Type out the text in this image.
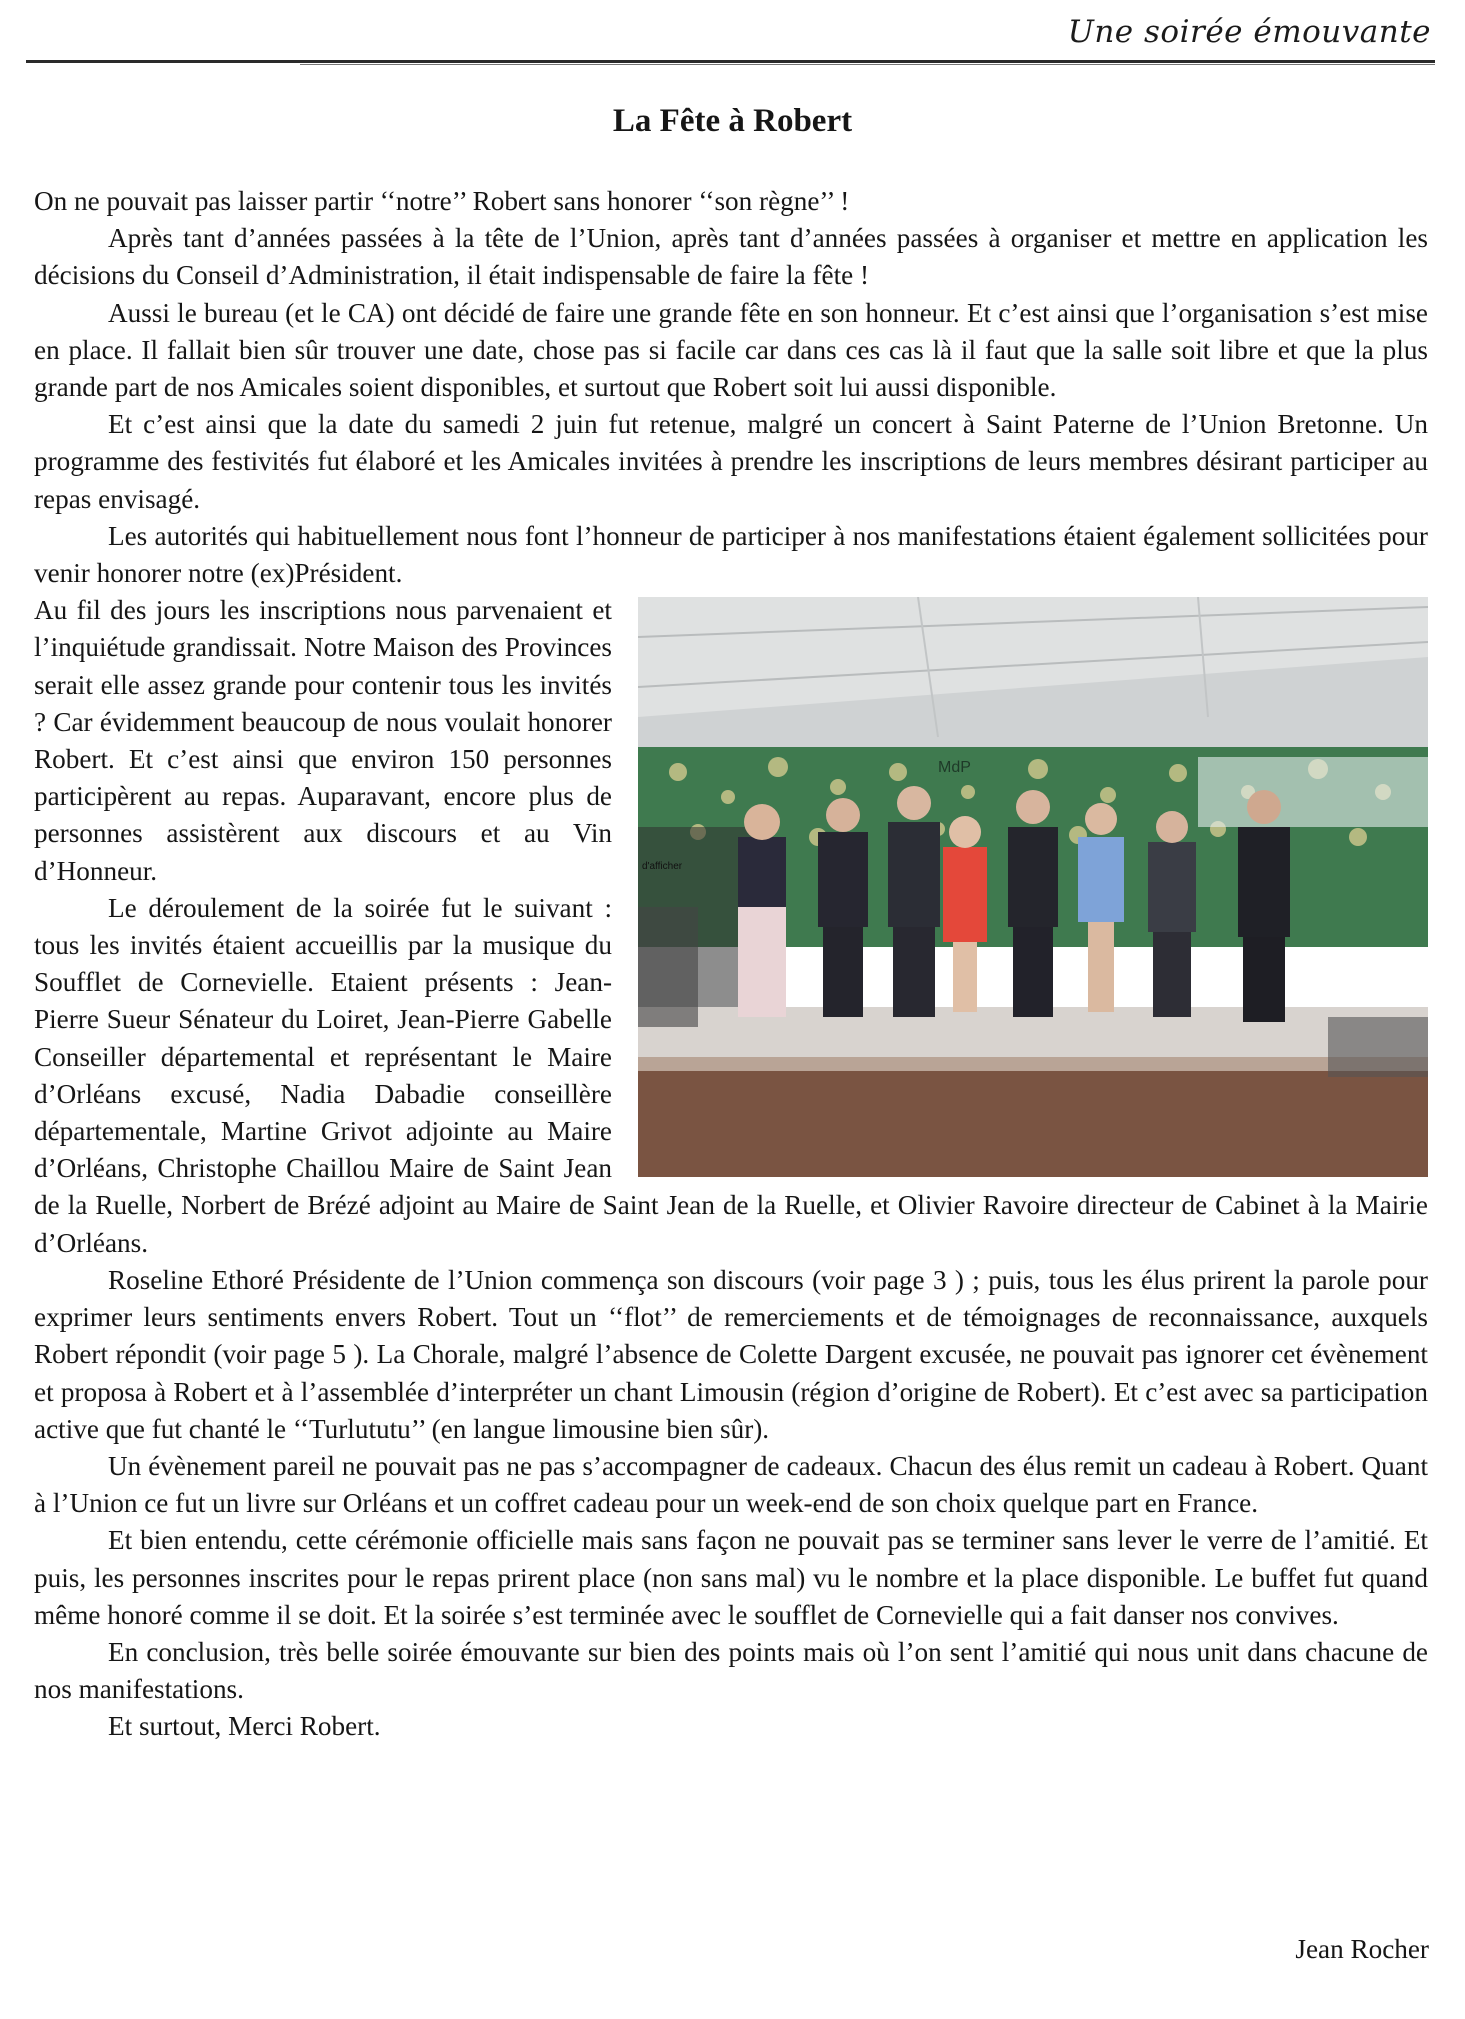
Une soirée émouvante
La Fête à Robert

On ne pouvait pas laisser partir ‘‘notre’’ Robert sans honorer ‘‘son règne’’ !

Après tant d’années passées à la tête de l’Union, après tant d’années passées à organiser et mettre en application les décisions du Conseil d’Administration, il était indispensable de faire la fête !

Aussi le bureau (et le CA) ont décidé de faire une grande fête en son honneur. Et c’est ainsi que l’organisation s’est mise en place. Il fallait bien sûr trouver une date, chose pas si facile car dans ces cas là il faut que la salle soit libre et que la plus grande part de nos Amicales soient disponibles, et surtout que Robert soit lui aussi disponible.

Et c’est ainsi que la date du samedi 2 juin fut retenue, malgré un concert à Saint Paterne de l’Union Bretonne. Un programme des festivités fut élaboré et les Amicales invitées à prendre les inscriptions de leurs membres désirant participer au repas envisagé.

Les autorités qui habituellement nous font l’honneur de participer à nos manifestations étaient également sollicitées pour venir honorer notre (ex)Président.

MdP
d'afficher

Au fil des jours les inscriptions nous parvenaient et l’inquiétude grandissait. Notre Maison des Provinces serait elle assez grande pour contenir tous les invités ? Car évidemment beaucoup de nous voulait honorer Robert. Et c’est ainsi que environ 150 personnes participèrent au repas. Auparavant, encore plus de personnes assistèrent aux discours et au Vin d’Honneur.

Le déroulement de la soirée fut le suivant : tous les invités étaient accueillis par la musique du Soufflet de Cornevielle. Etaient présents : Jean-Pierre Sueur Sénateur du Loiret, Jean-Pierre Gabelle Conseiller départemental et représentant le Maire d’Orléans excusé, Nadia Dabadie conseillère départementale, Martine Grivot adjointe au Maire d’Orléans, Christophe Chaillou Maire de Saint Jean de la Ruelle, Norbert de Brézé adjoint au Maire de Saint Jean de la Ruelle, et Olivier Ravoire directeur de Cabinet à la Mairie d’Orléans.

Roseline Ethoré Présidente de l’Union commença son discours (voir page 3 ) ; puis, tous les élus prirent la parole pour exprimer leurs sentiments envers Robert. Tout un ‘‘flot’’ de remerciements et de témoignages de reconnaissance, auxquels Robert répondit (voir page 5 ). La Chorale, malgré l’absence de Colette Dargent excusée, ne pouvait pas ignorer cet évènement et proposa à Robert et à l’assemblée d’interpréter un chant Limousin (région d’origine de Robert). Et c’est avec sa participation active que fut chanté le ‘‘Turlututu’’ (en langue limousine bien sûr).

Un évènement pareil ne pouvait pas ne pas s’accompagner de cadeaux. Chacun des élus remit un cadeau à Robert. Quant à l’Union ce fut un livre sur Orléans et un coffret cadeau pour un week-end de son choix quelque part en France.

Et bien entendu, cette cérémonie officielle mais sans façon ne pouvait pas se terminer sans lever le verre de l’amitié. Et puis, les personnes inscrites pour le repas prirent place (non sans mal) vu le nombre et la place disponible. Le buffet fut quand même honoré comme il se doit. Et la soirée s’est terminée avec le soufflet de Cornevielle qui a fait danser nos convives.

En conclusion, très belle soirée émouvante sur bien des points mais où l’on sent l’amitié qui nous unit dans chacune de nos manifestations.

Et surtout, Merci Robert.

Jean Rocher
